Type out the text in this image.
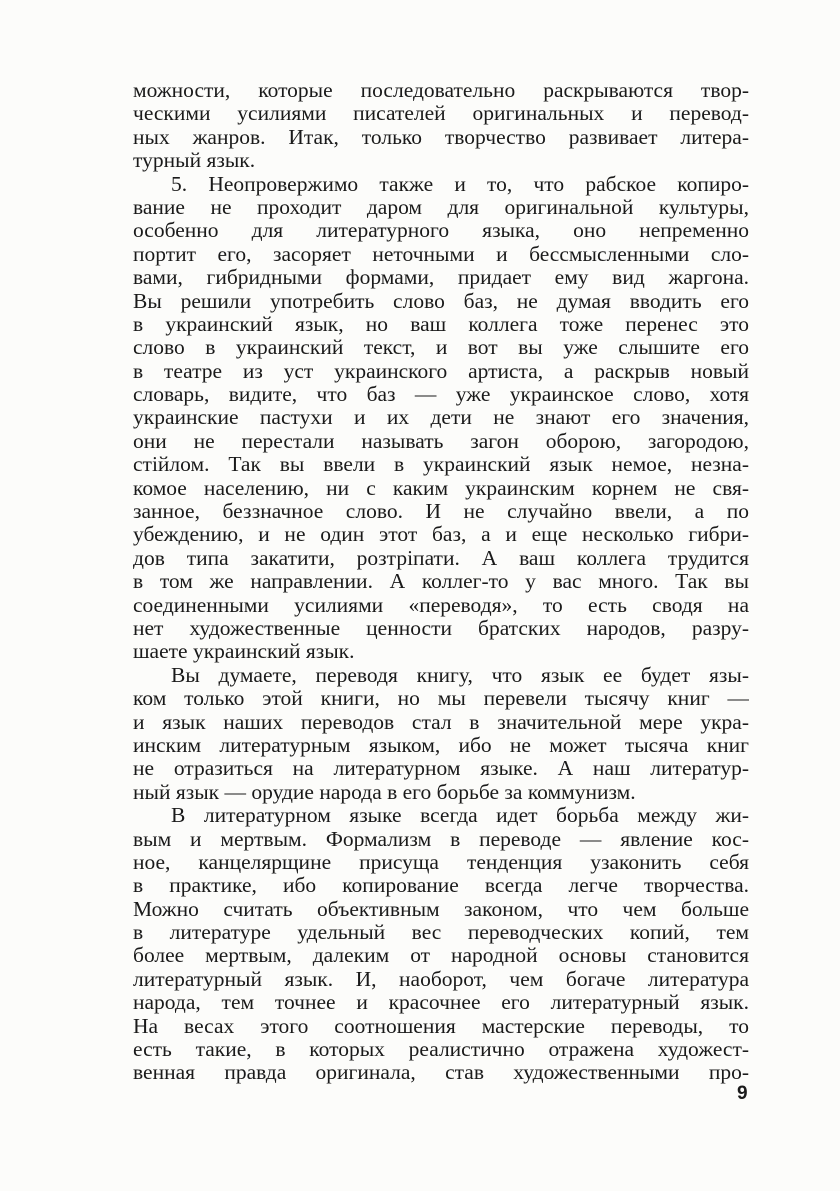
можности, которые последовательно раскрываются твор-
ческими усилиями писателей оригинальных и перевод-
ных жанров. Итак, только творчество развивает литера-
турный язык.
5. Неопровержимо также и то, что рабское копиро-
вание не проходит даром для оригинальной культуры,
особенно для литературного языка, оно непременно
портит его, засоряет неточными и бессмысленными сло-
вами, гибридными формами, придает ему вид жаргона.
Вы решили употребить слово баз, не думая вводить его
в украинский язык, но ваш коллега тоже перенес это
слово в украинский текст, и вот вы уже слышите его
в театре из уст украинского артиста, а раскрыв новый
словарь, видите, что баз — уже украинское слово, хотя
украинские пастухи и их дети не знают его значения,
они не перестали называть загон оборою, загородою,
стiйлом. Так вы ввели в украинский язык немое, незна-
комое населению, ни с каким украинским корнем не свя-
занное, беззначное слово. И не случайно ввели, а по
убеждению, и не один этот баз, а и еще несколько гибри-
дов типа закатити, розтрiпати. А ваш коллега трудится
в том же направлении. А коллег-то у вас много. Так вы
соединенными усилиями «переводя», то есть сводя на
нет художественные ценности братских народов, разру-
шаете украинский язык.
Вы думаете, переводя книгу, что язык ее будет язы-
ком только этой книги, но мы перевели тысячу книг —
и язык наших переводов стал в значительной мере укра-
инским литературным языком, ибо не может тысяча книг
не отразиться на литературном языке. А наш литератур-
ный язык — орудие народа в его борьбе за коммунизм.
В литературном языке всегда идет борьба между жи-
вым и мертвым. Формализм в переводе — явление кос-
ное, канцелярщине присуща тенденция узаконить себя
в практике, ибо копирование всегда легче творчества.
Можно считать объективным законом, что чем больше
в литературе удельный вес переводческих копий, тем
более мертвым, далеким от народной основы становится
литературный язык. И, наоборот, чем богаче литература
народа, тем точнее и красочнее его литературный язык.
На весах этого соотношения мастерские переводы, то
есть такие, в которых реалистично отражена художест-
венная правда оригинала, став художественными про-
9
